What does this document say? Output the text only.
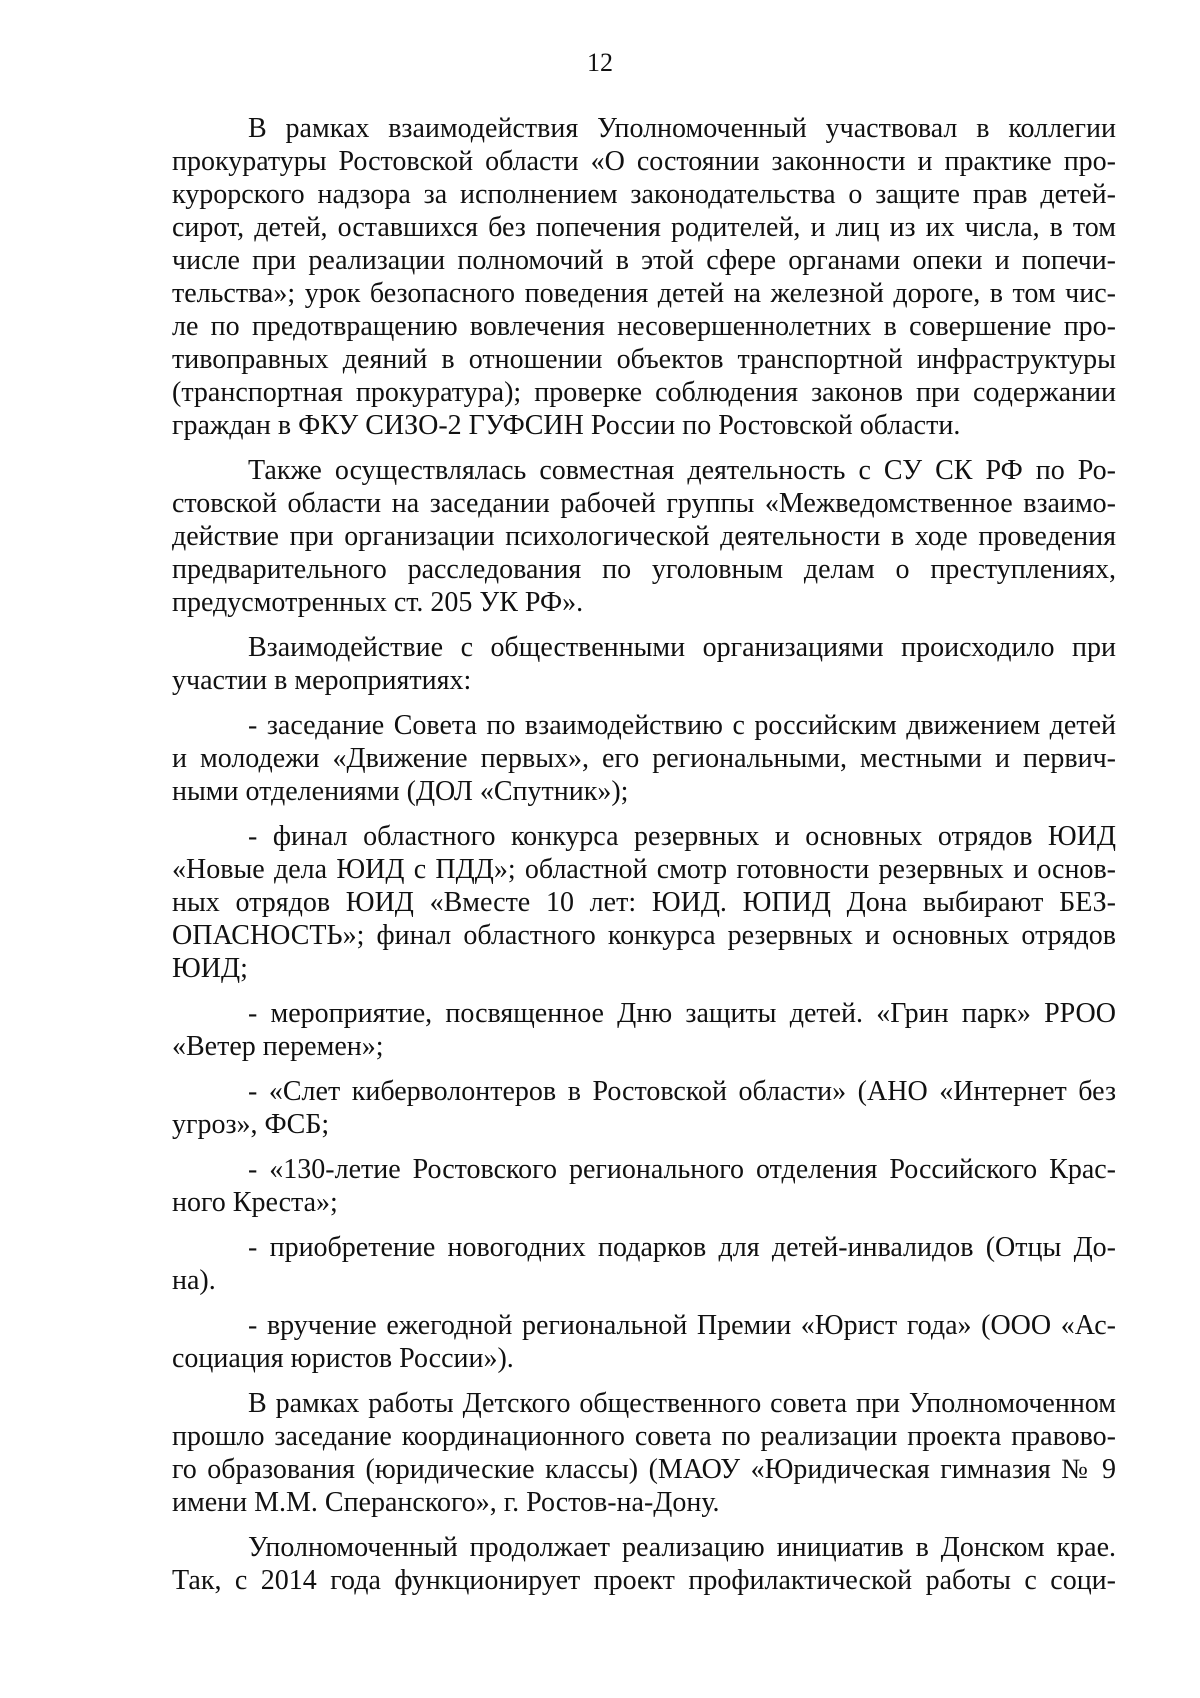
12
В рамках взаимодействия Уполномоченный участвовал в коллегии
прокуратуры Ростовской области «О состоянии законности и практике про-
курорского надзора за исполнением законодательства о защите прав детей-
сирот, детей, оставшихся без попечения родителей, и лиц из их числа, в том
числе при реализации полномочий в этой сфере органами опеки и попечи-
тельства»; урок безопасного поведения детей на железной дороге, в том чис-
ле по предотвращению вовлечения несовершеннолетних в совершение про-
тивоправных деяний в отношении объектов транспортной инфраструктуры
(транспортная прокуратура); проверке соблюдения законов при содержании
граждан в ФКУ СИЗО-2 ГУФСИН России по Ростовской области.
Также осуществлялась совместная деятельность с СУ СК РФ по Ро-
стовской области на заседании рабочей группы «Межведомственное взаимо-
действие при организации психологической деятельности в ходе проведения
предварительного расследования по уголовным делам о преступлениях,
предусмотренных ст. 205 УК РФ».
Взаимодействие с общественными организациями происходило при
участии в мероприятиях:
- заседание Совета по взаимодействию с российским движением детей
и молодежи «Движение первых», его региональными, местными и первич-
ными отделениями (ДОЛ «Спутник»);
- финал областного конкурса резервных и основных отрядов ЮИД
«Новые дела ЮИД с ПДД»; областной смотр готовности резервных и основ-
ных отрядов ЮИД «Вместе 10 лет: ЮИД. ЮПИД Дона выбирают БЕЗ-
ОПАСНОСТЬ»; финал областного конкурса резервных и основных отрядов
ЮИД;
- мероприятие, посвященное Дню защиты детей. «Грин парк» РРОО
«Ветер перемен»;
- «Слет киберволонтеров в Ростовской области» (АНО «Интернет без
угроз», ФСБ;
- «130-летие Ростовского регионального отделения Российского Крас-
ного Креста»;
- приобретение новогодних подарков для детей-инвалидов (Отцы До-
на).
- вручение ежегодной региональной Премии «Юрист года» (ООО «Ас-
социация юристов России»).
В рамках работы Детского общественного совета при Уполномоченном
прошло заседание координационного совета по реализации проекта правово-
го образования (юридические классы) (МАОУ «Юридическая гимназия № 9
имени М.М. Сперанского», г. Ростов-на-Дону.
Уполномоченный продолжает реализацию инициатив в Донском крае.
Так, с 2014 года функционирует проект профилактической работы с соци-
